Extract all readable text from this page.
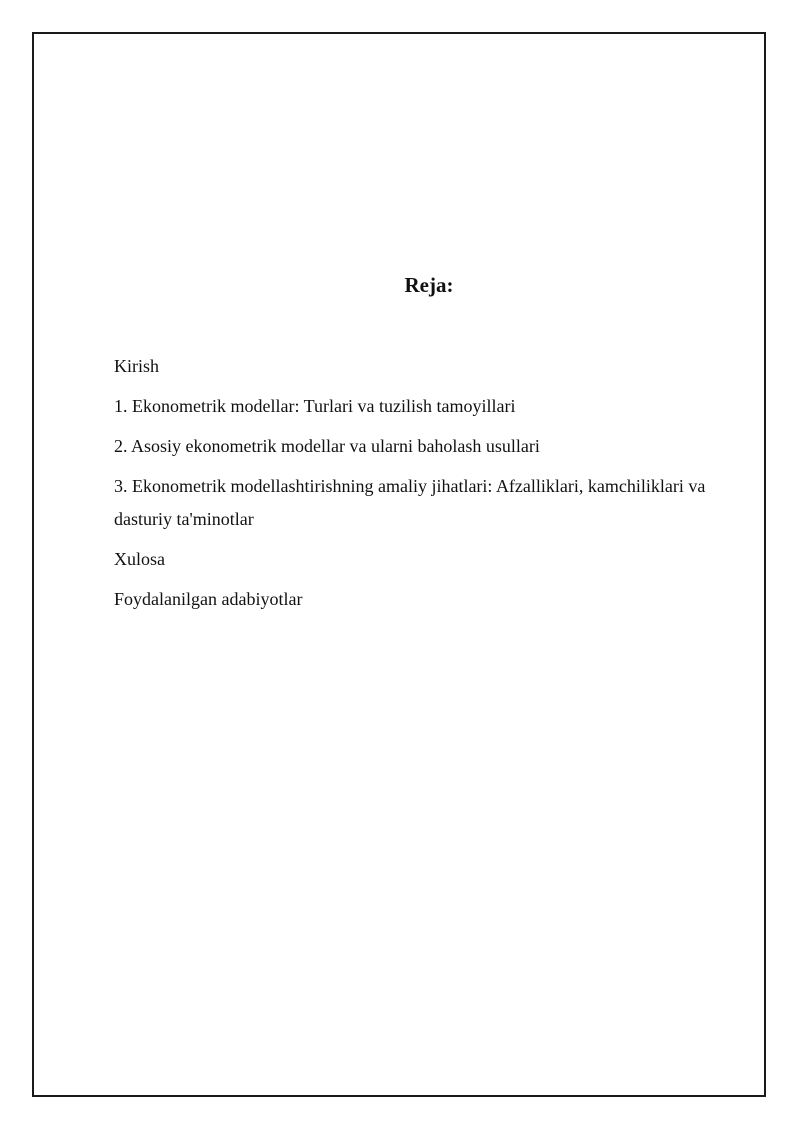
Reja:
Kirish
1. Ekonometrik modellar: Turlari va tuzilish tamoyillari
2. Asosiy ekonometrik modellar va ularni baholash usullari
3. Ekonometrik modellashtirishning amaliy jihatlari: Afzalliklari, kamchiliklari va dasturiy ta'minotlar
Xulosa
Foydalanilgan adabiyotlar
